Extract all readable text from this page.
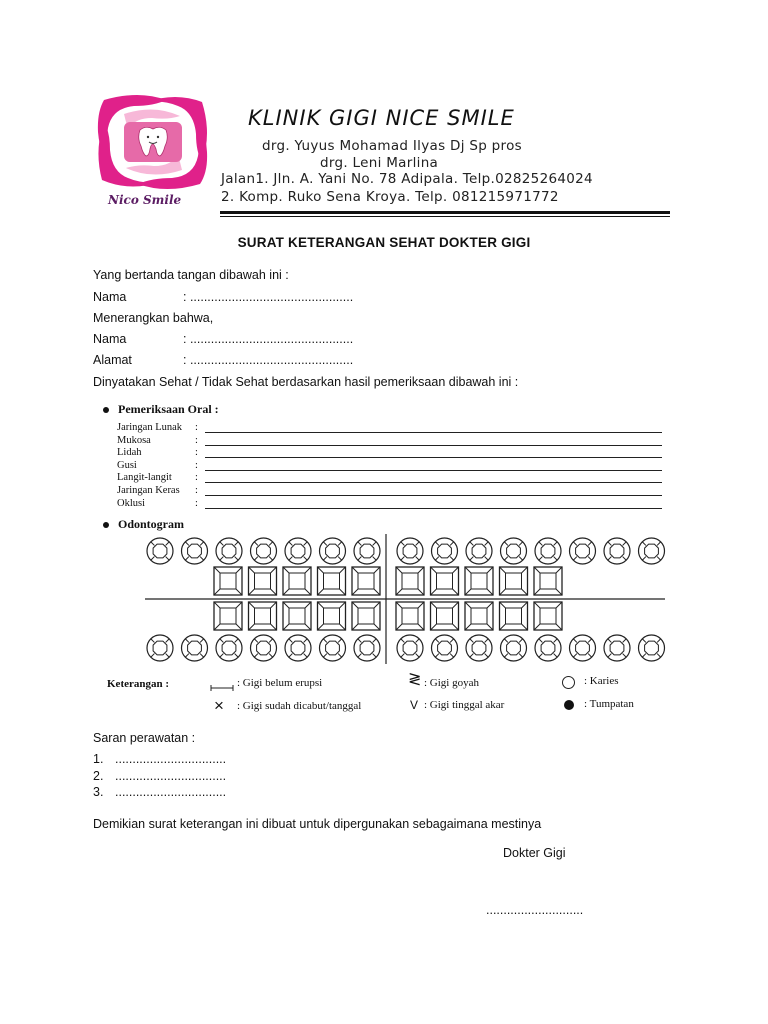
Nico Smile
KLINIK GIGI NICE SMILE
drg. Yuyus Mohamad Ilyas Dj Sp pros
drg. Leni Marlina
Jalan1. Jln. A. Yani No. 78 Adipala. Telp.02825264024
2. Komp. Ruko Sena Kroya. Telp. 081215971772
SURAT KETERANGAN SEHAT DOKTER GIGI
Yang bertanda tangan dibawah ini :
Nama	: ...............................................
Menerangkan bahwa,
Nama	: ...............................................
Alamat	: ...............................................
Dinyatakan Sehat / Tidak Sehat berdasarkan hasil pemeriksaan dibawah ini :
Pemeriksaan Oral :
Jaringan Lunak :
Mukosa	:
Lidah	:
Gusi	:
Langit-langit :
Jaringan Keras :
Oklusi	:
Odontogram
Keterangan :	: Gigi belum erupsi	≷ : Gigi goyah	: Karies
× : Gigi sudah dicabut/tanggal	V : Gigi tinggal akar	: Tumpatan
Saran perawatan :
1. ................................
2. ................................
3. ................................
Demikian surat keterangan ini dibuat untuk dipergunakan sebagaimana mestinya
Dokter Gigi
............................
